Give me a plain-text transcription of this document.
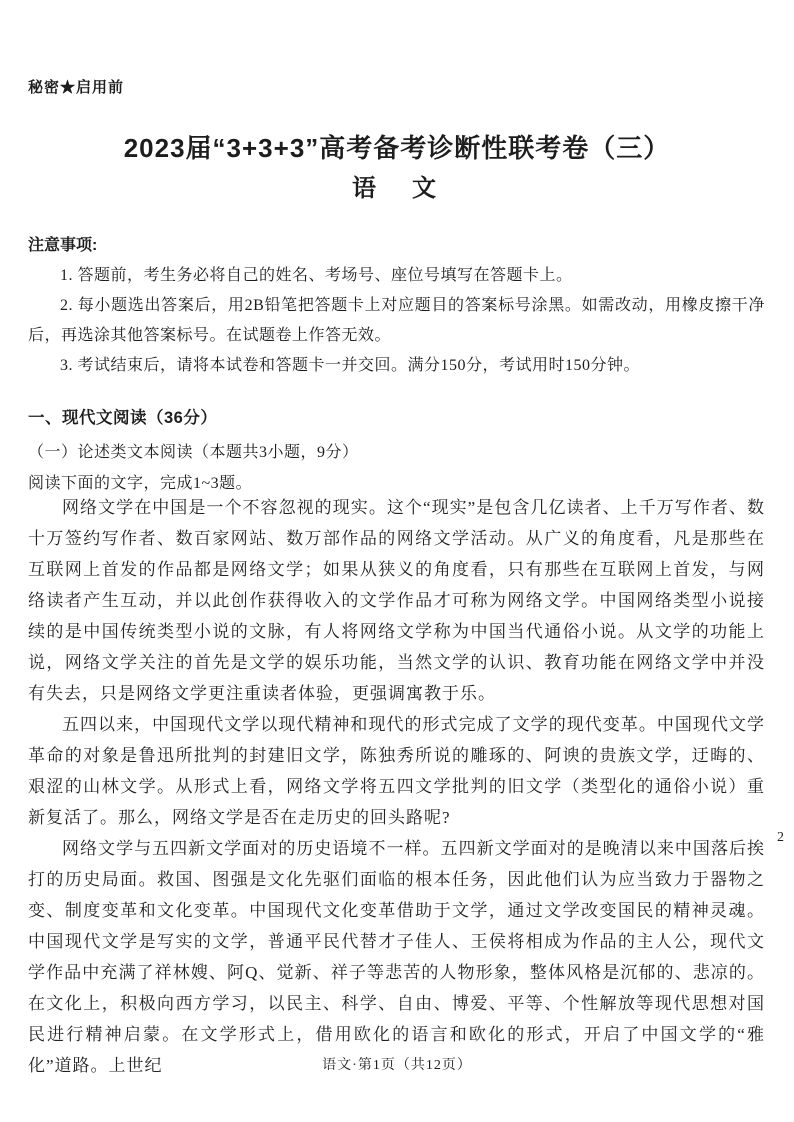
秘密★启用前
2023届“3+3+3”高考备考诊断性联考卷（三）
语　文
注意事项:

1. 答题前，考生务必将自己的姓名、考场号、座位号填写在答题卡上。

2. 每小题选出答案后，用2B铅笔把答题卡上对应题目的答案标号涂黑。如需改动，用橡皮擦干净后，再选涂其他答案标号。在试题卷上作答无效。

3. 考试结束后，请将本试卷和答题卡一并交回。满分150分，考试用时150分钟。

一、现代文阅读（36分）
（一）论述类文本阅读（本题共3小题，9分）
阅读下面的文字，完成1~3题。

网络文学在中国是一个不容忽视的现实。这个“现实”是包含几亿读者、上千万写作者、数十万签约写作者、数百家网站、数万部作品的网络文学活动。从广义的角度看，凡是那些在互联网上首发的作品都是网络文学；如果从狭义的角度看，只有那些在互联网上首发，与网络读者产生互动，并以此创作获得收入的文学作品才可称为网络文学。中国网络类型小说接续的是中国传统类型小说的文脉，有人将网络文学称为中国当代通俗小说。从文学的功能上说，网络文学关注的首先是文学的娱乐功能，当然文学的认识、教育功能在网络文学中并没有失去，只是网络文学更注重读者体验，更强调寓教于乐。

五四以来，中国现代文学以现代精神和现代的形式完成了文学的现代变革。中国现代文学革命的对象是鲁迅所批判的封建旧文学，陈独秀所说的雕琢的、阿谀的贵族文学，迂晦的、艰涩的山林文学。从形式上看，网络文学将五四文学批判的旧文学（类型化的通俗小说）重新复活了。那么，网络文学是否在走历史的回头路呢?

网络文学与五四新文学面对的历史语境不一样。五四新文学面对的是晚清以来中国落后挨打的历史局面。救国、图强是文化先驱们面临的根本任务，因此他们认为应当致力于器物之变、制度变革和文化变革。中国现代文化变革借助于文学，通过文学改变国民的精神灵魂。中国现代文学是写实的文学，普通平民代替才子佳人、王侯将相成为作品的主人公，现代文学作品中充满了祥林嫂、阿Q、觉新、祥子等悲苦的人物形象，整体风格是沉郁的、悲凉的。在文化上，积极向西方学习，以民主、科学、自由、博爱、平等、个性解放等现代思想对国民进行精神启蒙。在文学形式上，借用欧化的语言和欧化的形式，开启了中国文学的“雅化”道路。上世纪

2
语文·第1页（共12页）
